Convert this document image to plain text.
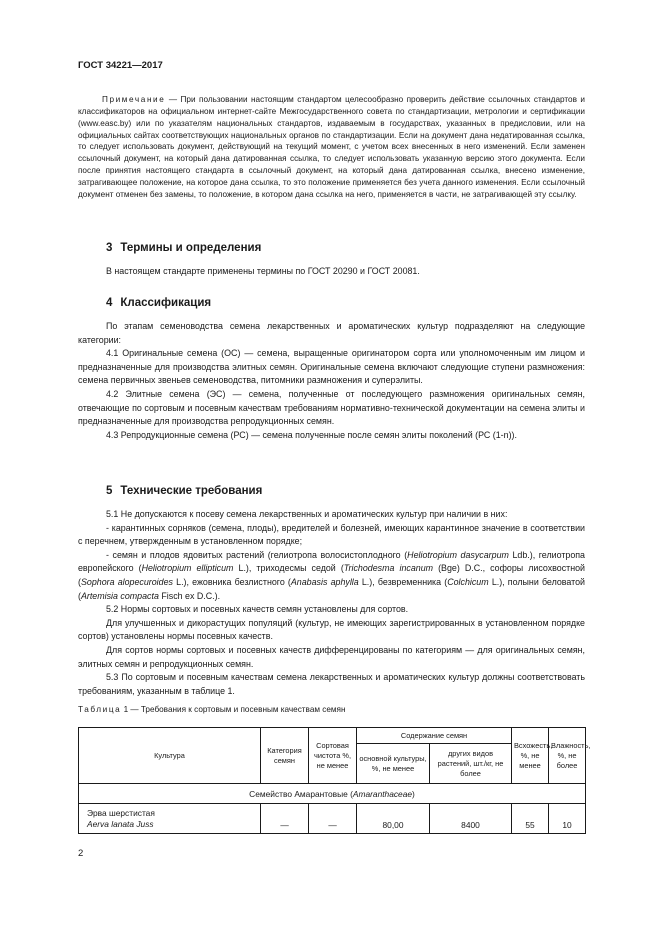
ГОСТ 34221—2017

Примечание — При пользовании настоящим стандартом целесообразно проверить действие ссылочных стандартов и классификаторов на официальном интернет-сайте Межгосударственного совета по стандартизации, метрологии и сертификации (www.easc.by) или по указателям национальных стандартов, издаваемым в государствах, указанных в предисловии, или на официальных сайтах соответствующих национальных органов по стандартизации. Если на документ дана недатированная ссылка, то следует использовать документ, действующий на текущий момент, с учетом всех внесенных в него изменений. Если заменен ссылочный документ, на который дана датированная ссылка, то следует использовать указанную версию этого документа. Если после принятия настоящего стандарта в ссылочный документ, на который дана датированная ссылка, внесено изменение, затрагивающее положение, на которое дана ссылка, то это положение применяется без учета данного изменения. Если ссылочный документ отменен без замены, то положение, в котором дана ссылка на него, применяется в части, не затрагивающей эту ссылку.

3 Термины и определения

В настоящем стандарте применены термины по ГОСТ 20290 и ГОСТ 20081.

4 Классификация

По этапам семеноводства семена лекарственных и ароматических культур подразделяют на следующие категории:

4.1 Оригинальные семена (ОС) — семена, выращенные оригинатором сорта или уполномоченным им лицом и предназначенные для производства элитных семян. Оригинальные семена включают следующие ступени размножения: семена первичных звеньев семеноводства, питомники размножения и суперэлиты.

4.2 Элитные семена (ЭС) — семена, полученные от последующего размножения оригинальных семян, отвечающие по сортовым и посевным качествам требованиям нормативно-технической документации на семена элиты и предназначенные для производства репродукционных семян.

4.3 Репродукционные семена (РС) — семена полученные после семян элиты поколений (РС (1-n)).

5 Технические требования

5.1 Не допускаются к посеву семена лекарственных и ароматических культур при наличии в них:

- карантинных сорняков (семена, плоды), вредителей и болезней, имеющих карантинное значение в соответствии с перечнем, утвержденным в установленном порядке;

- семян и плодов ядовитых растений (гелиотропа волосистоплодного (Heliotropium dasycarpum Ldb.), гелиотропа европейского (Heliotropium ellipticum L.), триходесмы седой (Trichodesma incanum (Bge) D.C., софоры лисохвостной (Sophora alopecuroides L.), ежовника безлистного (Anabasis aphylla L.), безвременника (Colchicum L.), полыни беловатой (Artemisia compacta Fisch ex D.C.).

5.2 Нормы сортовых и посевных качеств семян установлены для сортов.

Для улучшенных и дикорастущих популяций (культур, не имеющих зарегистрированных в установленном порядке сортов) установлены нормы посевных качеств.

Для сортов нормы сортовых и посевных качеств дифференцированы по категориям — для оригинальных семян, элитных семян и репродукционных семян.

5.3 По сортовым и посевным качествам семена лекарственных и ароматических культур должны соответствовать требованиям, указанным в таблице 1.

Таблица 1 — Требования к сортовым и посевным качествам семян
Культура	Категория семян	Сортовая чистота %, не менее	Содержание семян		Всхожесть, %, не менее	Влажность, %, не более
			основной культуры, %, не менее	других видов растений, шт./кг, не более		
Семейство Амарантовые (Amaranthaceae)						
Эрва шерстистая
Aerva lanata Juss	—	—	80,00	8400	55	10
2
